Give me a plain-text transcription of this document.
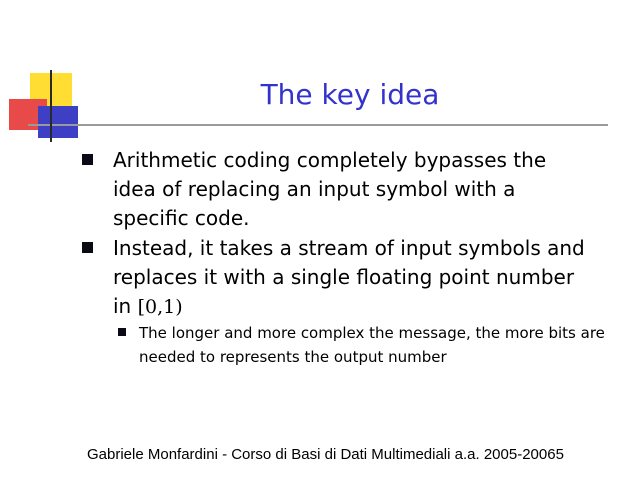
The key idea
Arithmetic coding completely bypasses the idea of replacing an input symbol with a specific code.
Instead, it takes a stream of input symbols and replaces it with a single floating point number in [0,1)
The longer and more complex the message, the more bits are needed to represents the output number
Gabriele Monfardini - Corso di Basi di Dati Multimediali a.a. 2005-20065
